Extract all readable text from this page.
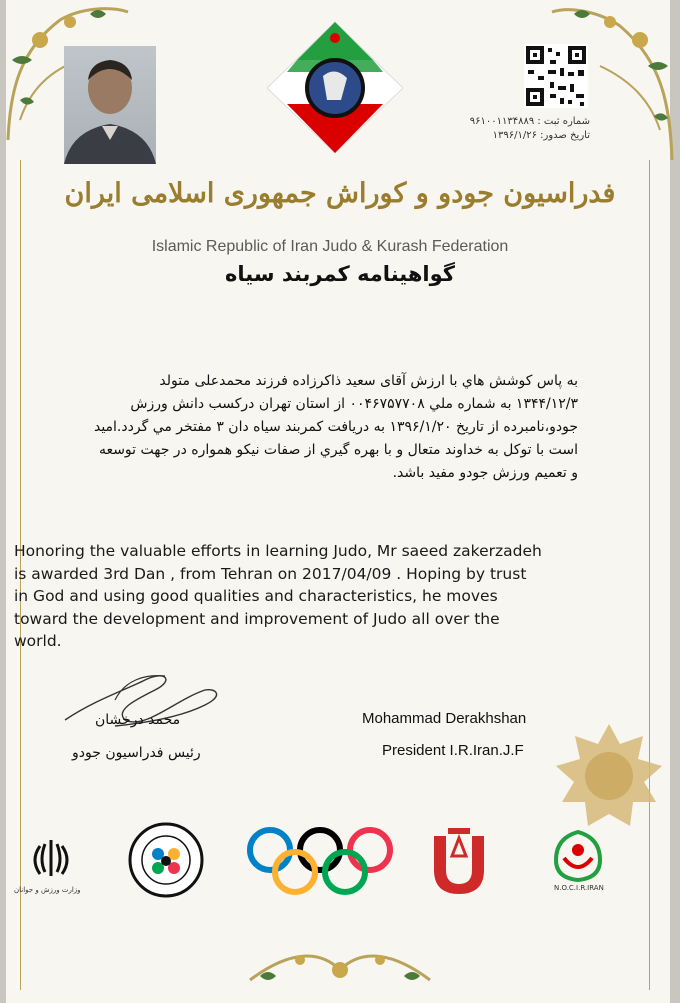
شماره ثبت : ۹۶۱۰۰۱۱۳۴۸۸۹
تاریخ صدور: ۱۳۹۶/۱/۲۶
فدراسیون جودو و کوراش جمهوری اسلامی ایران
Islamic Republic of Iran Judo & Kurash Federation
گواهینامه کمربند سیاه

به پاس کوشش هاي با ارزش آقای سعید ذاکرزاده فرزند محمدعلی متولد

۱۳۴۴/۱۲/۳ به شماره ملي ۰۰۴۶۷۵۷۷۰۸ از استان تهران درکسب دانش ورزش

جودو،نامبرده از تاریخ ۱۳۹۶/۱/۲۰ به دریافت کمربند سیاه دان ۳ مفتخر مي گردد.امید

است با توکل به خداوند متعال و با بهره گيري از صفات نيکو همواره در جهت توسعه

و تعميم ورزش جودو مفيد باشد.

Honoring the valuable efforts in learning Judo, Mr saeed zakerzadeh

is awarded 3rd Dan , from Tehran on 2017/04/09 . Hoping by trust

in God and using good qualities and characteristics, he moves

toward the development and improvement of Judo all over the

world.

محمد درخشان
رئیس فدراسیون جودو
Mohammad Derakhshan
President I.R.Iran.J.F
وزارت ورزش و جوانان	N.O.C.I.R.IRAN
